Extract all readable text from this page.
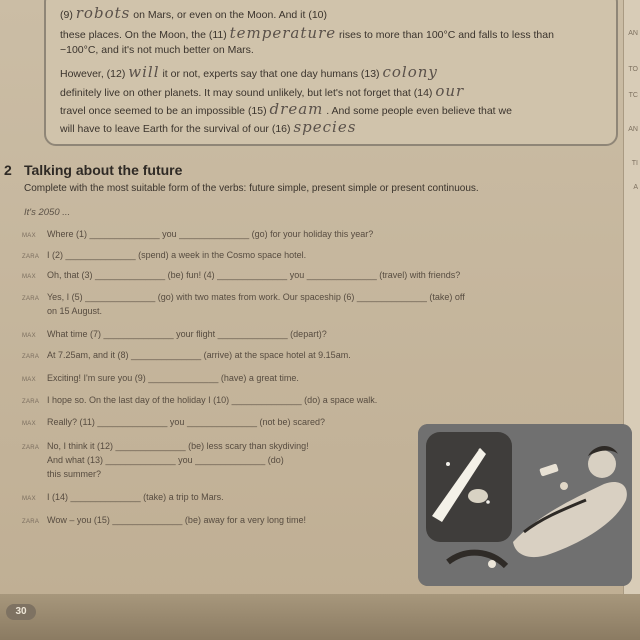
AN
TO
TC
AN
TI
A
(9) robots on Mars, or even on the Moon. And it (10)
these places. On the Moon, the (11) temperature rises to more than 100°C and falls to less than
−100°C, and it's not much better on Mars.
However, (12) will it or not, experts say that one day humans (13) colony
definitely live on other planets. It may sound unlikely, but let's not forget that (14) our
travel once seemed to be an impossible (15) dream . And some people even believe that we
will have to leave Earth for the survival of our (16) species
2 Talking about the future
Complete with the most suitable form of the verbs: future simple, present simple or present continuous.
It's 2050 ...
MAX Where (1) ______________ you ______________ (go) for your holiday this year?
ZARA I (2) ______________ (spend) a week in the Cosmo space hotel.
MAX Oh, that (3) ______________ (be) fun! (4) ______________ you ______________ (travel) with friends?
ZARA Yes, I (5) ______________ (go) with two mates from work. Our spaceship (6) ______________ (take) off
on 15 August.
MAX What time (7) ______________ your flight ______________ (depart)?
ZARA At 7.25am, and it (8) ______________ (arrive) at the space hotel at 9.15am.
MAX Exciting! I'm sure you (9) ______________ (have) a great time.
ZARA I hope so. On the last day of the holiday I (10) ______________ (do) a space walk.
MAX Really? (11) ______________ you ______________ (not be) scared?
ZARA No, I think it (12) ______________ (be) less scary than skydiving!
And what (13) ______________ you ______________ (do)
this summer?
MAX I (14) ______________ (take) a trip to Mars.
ZARA Wow – you (15) ______________ (be) away for a very long time!
30
